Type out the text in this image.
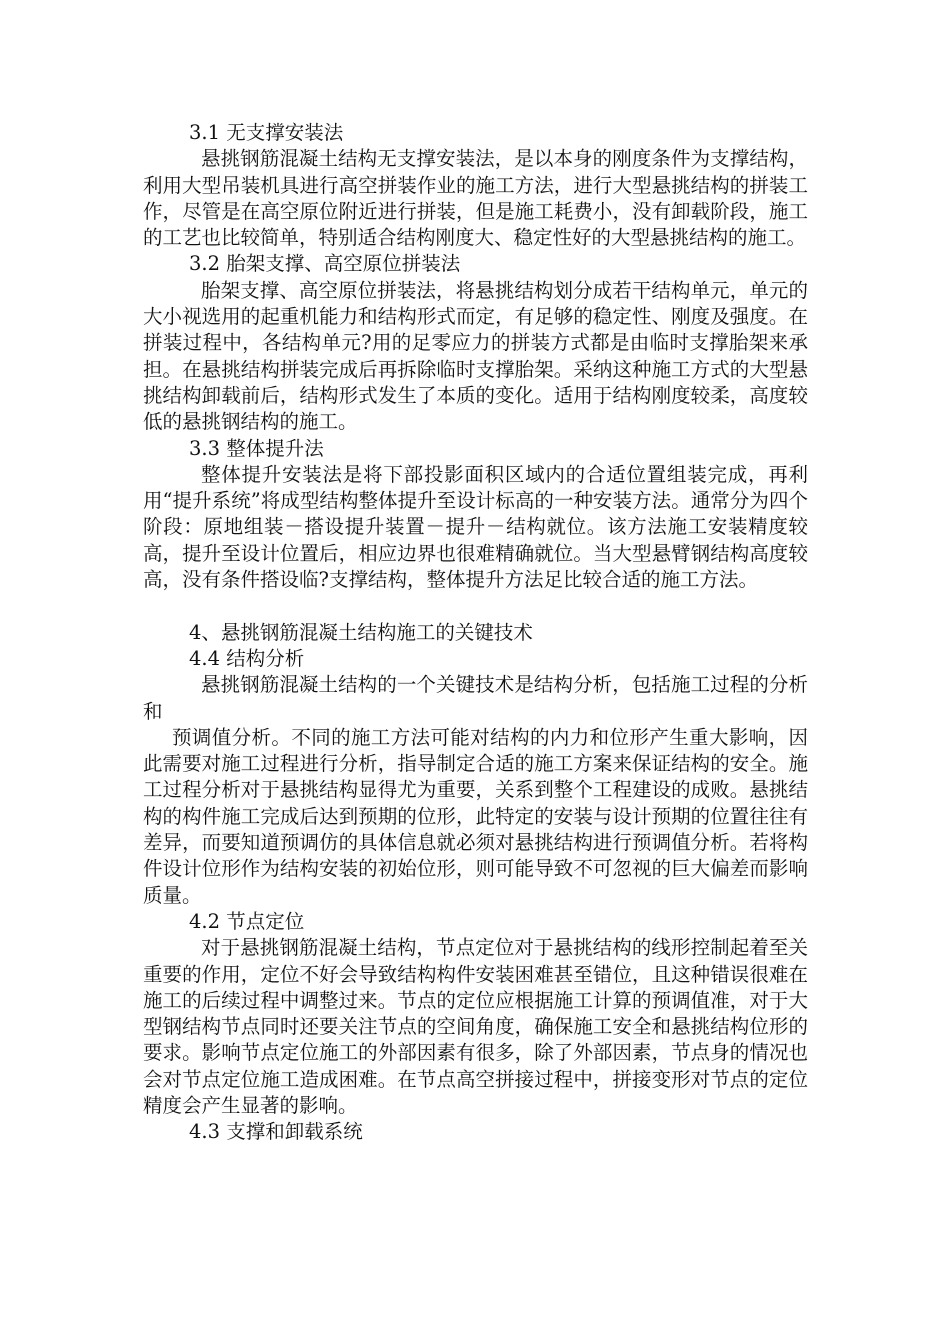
3.1 无支撑安装法

悬挑钢筋混凝土结构无支撑安装法，是以本身的刚度条件为支撑结构，利用大型吊装机具进行高空拼装作业的施工方法，进行大型悬挑结构的拼装工作，尽管是在高空原位附近进行拼装，但是施工耗费小，没有卸载阶段，施工的工艺也比较简单，特别适合结构刚度大、稳定性好的大型悬挑结构的施工。

3.2 胎架支撑、高空原位拼装法

胎架支撑、高空原位拼装法，将悬挑结构划分成若干结构单元，单元的大小视选用的起重机能力和结构形式而定，有足够的稳定性、刚度及强度。在拼装过程中，各结构单元?用的足零应力的拼装方式都是由临时支撑胎架来承担。在悬挑结构拼装完成后再拆除临时支撑胎架。采纳这种施工方式的大型悬挑结构卸载前后，结构形式发生了本质的变化。适用于结构刚度较柔，高度较低的悬挑钢结构的施工。

3.3 整体提升法

整体提升安装法是将下部投影面积区域内的合适位置组装完成，再利用“提升系统”将成型结构整体提升至设计标高的一种安装方法。通常分为四个阶段：原地组装－搭设提升装置－提升－结构就位。该方法施工安装精度较高，提升至设计位置后，相应边界也很难精确就位。当大型悬臂钢结构高度较高，没有条件搭设临?支撑结构，整体提升方法足比较合适的施工方法。

4、悬挑钢筋混凝土结构施工的关键技术

4.4 结构分析

悬挑钢筋混凝土结构的一个关键技术是结构分析，包括施工过程的分析和

预调值分析。不同的施工方法可能对结构的内力和位形产生重大影响，因此需要对施工过程进行分析，指导制定合适的施工方案来保证结构的安全。施工过程分析对于悬挑结构显得尤为重要，关系到整个工程建设的成败。悬挑结构的构件施工完成后达到预期的位形，此特定的安装与设计预期的位置往往有差异，而要知道预调仿的具体信息就必须对悬挑结构进行预调值分析。若将构件设计位形作为结构安装的初始位形，则可能导致不可忽视的巨大偏差而影响质量。

4.2 节点定位

对于悬挑钢筋混凝土结构，节点定位对于悬挑结构的线形控制起着至关重要的作用，定位不好会导致结构构件安装困难甚至错位，且这种错误很难在施工的后续过程中调整过来。节点的定位应根据施工计算的预调值准，对于大型钢结构节点同时还要关注节点的空间角度，确保施工安全和悬挑结构位形的要求。影响节点定位施工的外部因素有很多，除了外部因素，节点身的情况也会对节点定位施工造成困难。在节点高空拼接过程中，拼接变形对节点的定位精度会产生显著的影响。

4.3 支撑和卸载系统
